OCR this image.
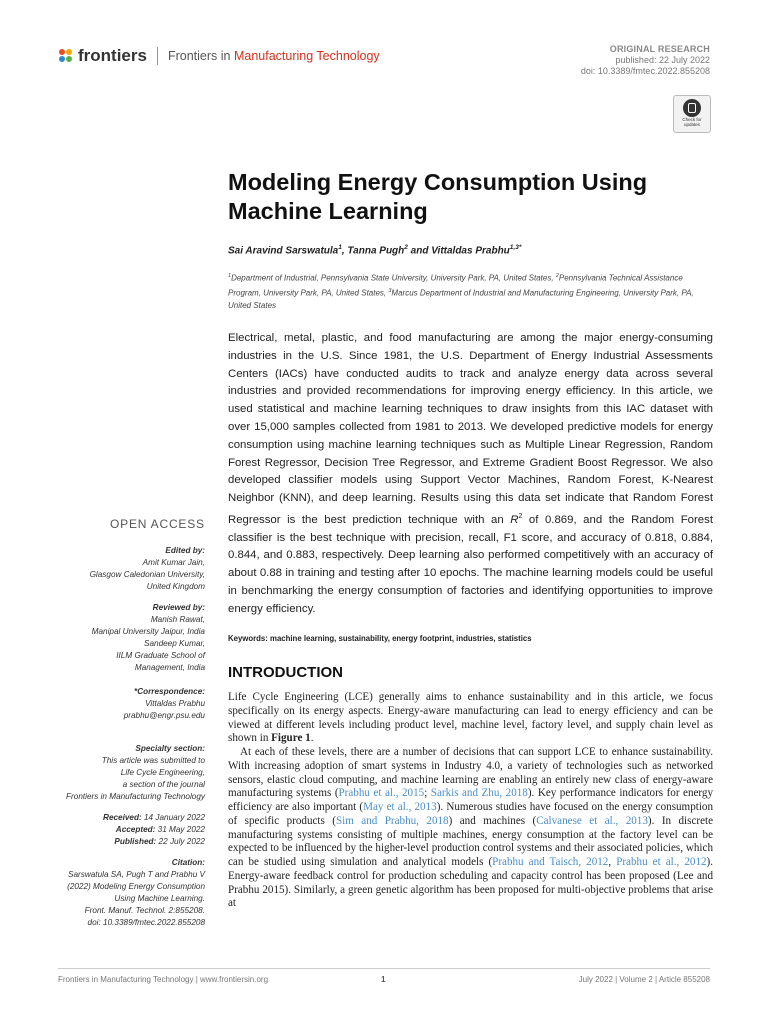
frontiers Frontiers in Manufacturing Technology	ORIGINAL RESEARCH
published: 22 July 2022
doi: 10.3389/fmtec.2022.855208
Check for
updates
Modeling Energy Consumption Using Machine Learning
Sai Aravind Sarswatula$^1$, Tanna Pugh$^2$ and Vittaldas Prabhu$^{1,3*}$
$^1$Department of Industrial, Pennsylvania State University, University Park, PA, United States, $^2$Pennsylvania Technical Assistance Program, University Park, PA, United States, $^3$Marcus Department of Industrial and Manufacturing Engineering, University Park, PA, United States
Electrical, metal, plastic, and food manufacturing are among the major energy-consuming industries in the U.S. Since 1981, the U.S. Department of Energy Industrial Assessments Centers (IACs) have conducted audits to track and analyze energy data across several industries and provided recommendations for improving energy efficiency. In this article, we used statistical and machine learning techniques to draw insights from this IAC dataset with over 15,000 samples collected from 1981 to 2013. We developed predictive models for energy consumption using machine learning techniques such as Multiple Linear Regression, Random Forest Regressor, Decision Tree Regressor, and Extreme Gradient Boost Regressor. We also developed classifier models using Support Vector Machines, Random Forest, K-Nearest Neighbor (KNN), and deep learning. Results using this data set indicate that Random Forest Regressor is the best prediction technique with an $R^2$ of 0.869, and the Random Forest classifier is the best technique with precision, recall, F1 score, and accuracy of 0.818, 0.884, 0.844, and 0.883, respectively. Deep learning also performed competitively with an accuracy of about 0.88 in training and testing after 10 epochs. The machine learning models could be useful in benchmarking the energy consumption of factories and identifying opportunities to improve energy efficiency.
Keywords: machine learning, sustainability, energy footprint, industries, statistics
INTRODUCTION

Life Cycle Engineering (LCE) generally aims to enhance sustainability and in this article, we focus specifically on its energy aspects. Energy-aware manufacturing can lead to energy efficiency and can be viewed at different levels including product level, machine level, factory level, and supply chain level as shown in Figure 1.

At each of these levels, there are a number of decisions that can support LCE to enhance sustainability. With increasing adoption of smart systems in Industry 4.0, a variety of technologies such as networked sensors, elastic cloud computing, and machine learning are enabling an entirely new class of energy-aware manufacturing systems (Prabhu et al., 2015; Sarkis and Zhu, 2018). Key performance indicators for energy efficiency are also important (May et al., 2013). Numerous studies have focused on the energy consumption of specific products (Sim and Prabhu, 2018) and machines (Calvanese et al., 2013). In discrete manufacturing systems consisting of multiple machines, energy consumption at the factory level can be expected to be influenced by the higher-level production control systems and their associated policies, which can be studied using simulation and analytical models (Prabhu and Taisch, 2012, Prabhu et al., 2012). Energy-aware feedback control for production scheduling and capacity control has been proposed (Lee and Prabhu 2015). Similarly, a green genetic algorithm has been proposed for multi-objective problems that arise at

OPEN ACCESS
Edited by:
Amit Kumar Jain,
Glasgow Caledonian University,
United Kingdom
Reviewed by:
Manish Rawat,
Manipal University Jaipur, India
Sandeep Kumar,
IILM Graduate School of
Management, India
*Correspondence:
Vittaldas Prabhu
prabhu@engr.psu.edu
Specialty section:
This article was submitted to
Life Cycle Engineering,
a section of the journal
Frontiers in Manufacturing Technology
Received: 14 January 2022
Accepted: 31 May 2022
Published: 22 July 2022
Citation:
Sarswatula SA, Pugh T and Prabhu V
(2022) Modeling Energy Consumption
Using Machine Learning.
Front. Manuf. Technol. 2:855208.
doi: 10.3389/fmtec.2022.855208
Frontiers in Manufacturing Technology | www.frontiersin.org	1	July 2022 | Volume 2 | Article 855208
